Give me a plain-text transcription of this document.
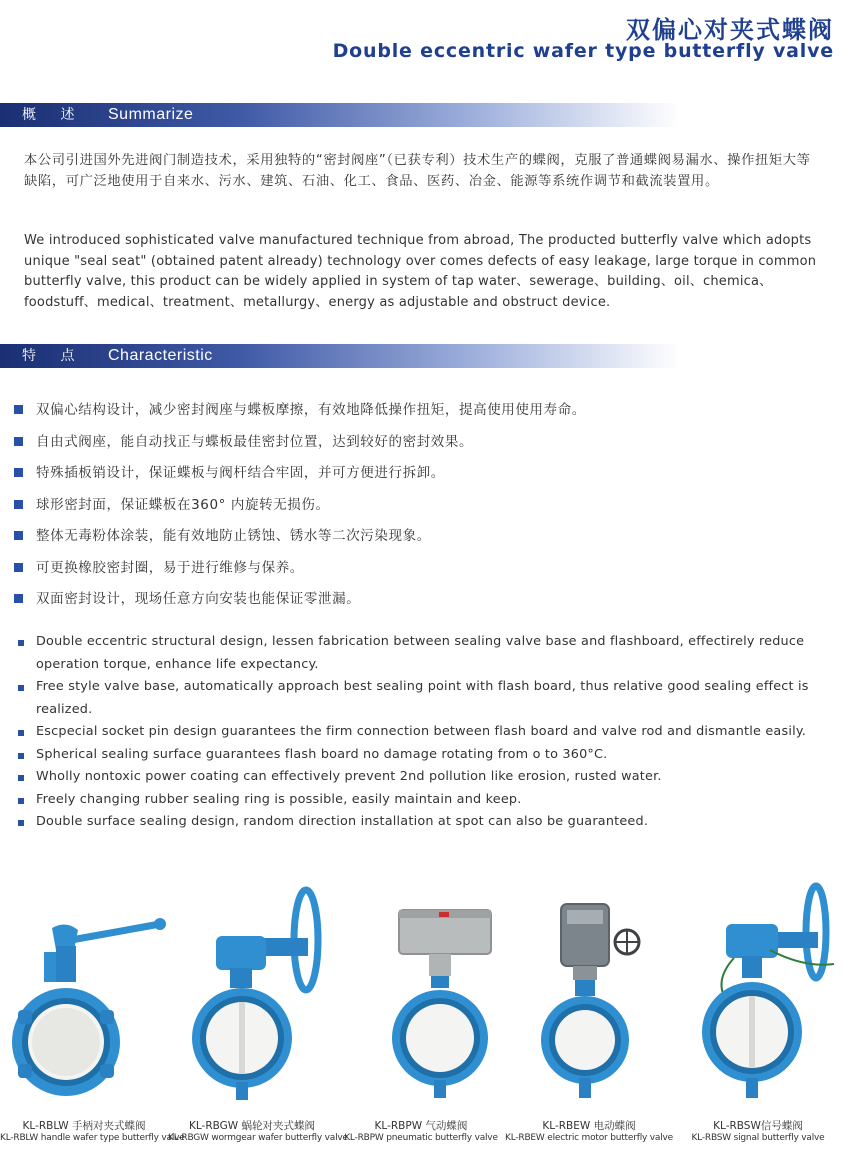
双偏心对夹式蝶阀
Double eccentric wafer type butterfly valve
概 述 Summarize
本公司引进国外先进阀门制造技术，采用独特的“密封阀座”（已获专利）技术生产的蝶阀，克服了普通蝶阀易漏水、操作扭矩大等缺陷，可广泛地使用于自来水、污水、建筑、石油、化工、食品、医药、冶金、能源等系统作调节和截流装置用。
We introduced sophisticated valve manufactured technique from abroad, The producted butterfly valve which adopts unique "seal seat" (obtained patent already) technology over comes defects of easy leakage, large torque in common butterfly valve, this product can be widely applied in system of tap water、sewerage、building、oil、chemica、 foodstuff、medical、treatment、metallurgy、energy as adjustable and obstruct device.
特 点 Characteristic
双偏心结构设计，减少密封阀座与蝶板摩擦，有效地降低操作扭矩，提高使用使用寿命。
自由式阀座，能自动找正与蝶板最佳密封位置，达到较好的密封效果。
特殊插板销设计，保证蝶板与阀杆结合牢固，并可方便进行拆卸。
球形密封面，保证蝶板在360° 内旋转无损伤。
整体无毒粉体涂装，能有效地防止锈蚀、锈水等二次污染现象。
可更换橡胶密封圈，易于进行维修与保养。
双面密封设计，现场任意方向安装也能保证零泄漏。
Double eccentric structural design, lessen fabrication between sealing valve base and flashboard, effectirely reduce operation torque, enhance life expectancy.
Free style valve base, automatically approach best sealing point with flash board, thus relative good sealing effect is realized.
Escpecial socket pin design guarantees the firm connection between flash board and valve rod and dismantle easily.
Spherical sealing surface guarantees flash board no damage rotating from o to 360°C.
Wholly nontoxic power coating can effectively prevent 2nd pollution like erosion, rusted water.
Freely changing rubber sealing ring is possible, easily maintain and keep.
Double surface sealing design, random direction installation at spot can also be guaranteed.
KL-RBLW 手柄对夹式蝶阀
KL-RBLW handle wafer type butterfly valve
KL-RBGW 蜗轮对夹式蝶阀
KL-RBGW wormgear wafer butterfly valve
KL-RBPW 气动蝶阀
KL-RBPW pneumatic butterfly valve
KL-RBEW 电动蝶阀
KL-RBEW electric motor butterfly valve
KL-RBSW信号蝶阀
KL-RBSW signal butterfly valve
